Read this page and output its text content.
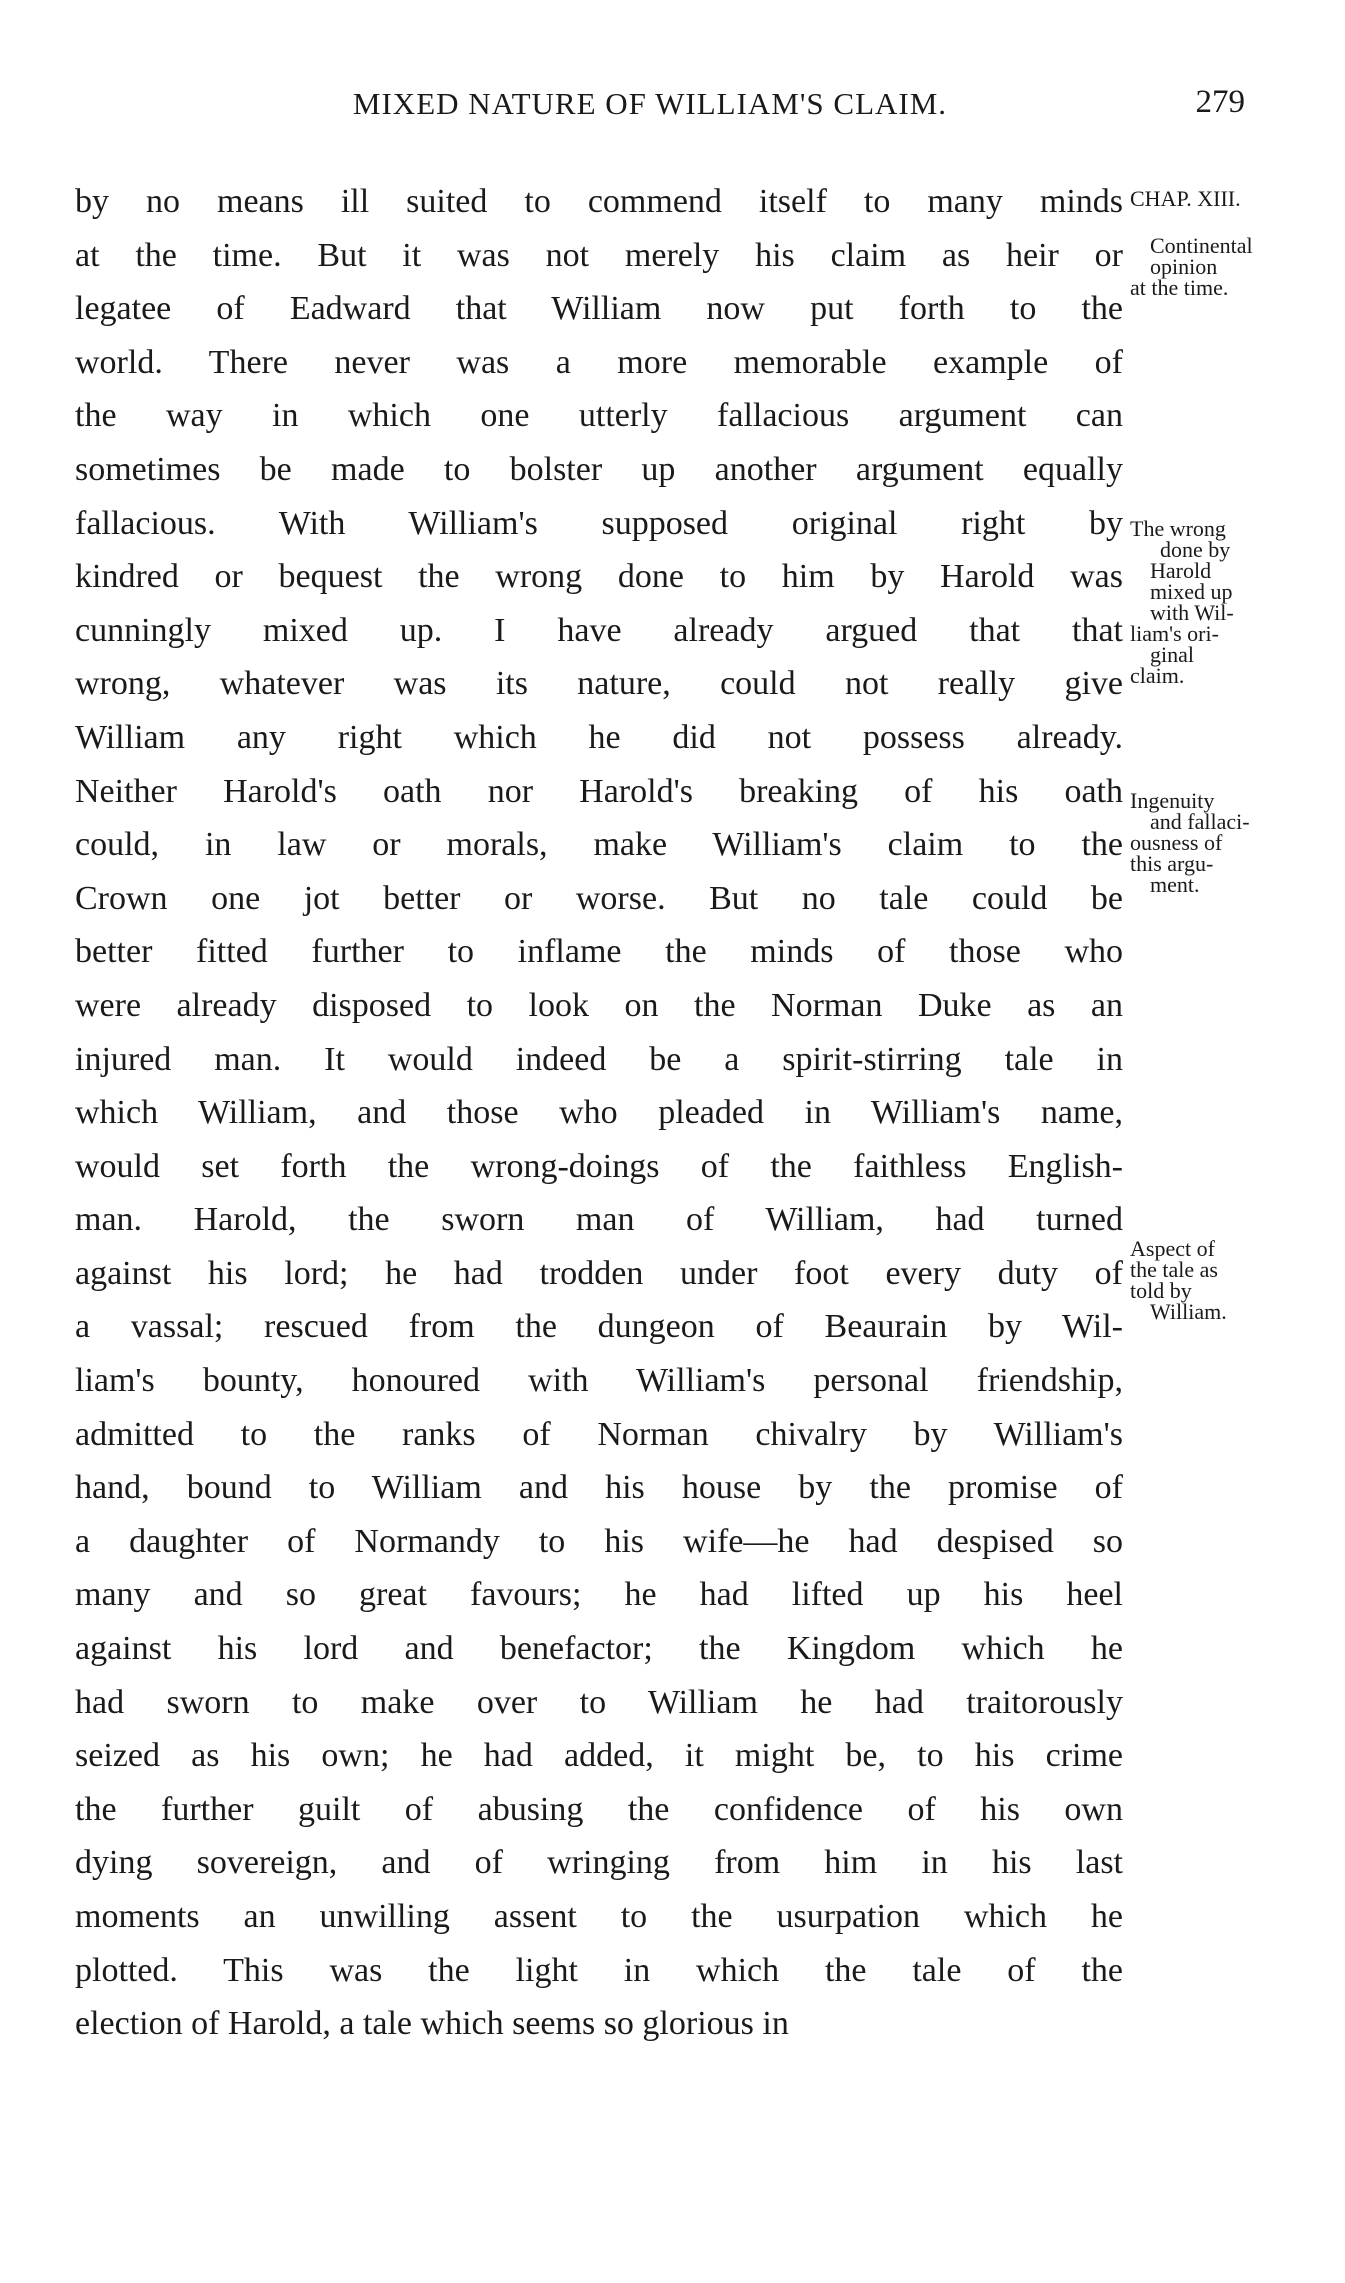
MIXED NATURE OF WILLIAM'S CLAIM.	279
by no means ill suited to commend itself to many minds
at the time. But it was not merely his claim as heir or
legatee of Eadward that William now put forth to the
world. There never was a more memorable example of
the way in which one utterly fallacious argument can
sometimes be made to bolster up another argument equally
fallacious. With William's supposed original right by
kindred or bequest the wrong done to him by Harold was
cunningly mixed up. I have already argued that that
wrong, whatever was its nature, could not really give
William any right which he did not possess already.
Neither Harold's oath nor Harold's breaking of his oath
could, in law or morals, make William's claim to the
Crown one jot better or worse. But no tale could be
better fitted further to inflame the minds of those who
were already disposed to look on the Norman Duke as an
injured man. It would indeed be a spirit-stirring tale in
which William, and those who pleaded in William's name,
would set forth the wrong-doings of the faithless English-
man. Harold, the sworn man of William, had turned
against his lord; he had trodden under foot every duty of
a vassal; rescued from the dungeon of Beaurain by Wil-
liam's bounty, honoured with William's personal friendship,
admitted to the ranks of Norman chivalry by William's
hand, bound to William and his house by the promise of
a daughter of Normandy to his wife—he had despised so
many and so great favours; he had lifted up his heel
against his lord and benefactor; the Kingdom which he
had sworn to make over to William he had traitorously
seized as his own; he had added, it might be, to his crime
the further guilt of abusing the confidence of his own
dying sovereign, and of wringing from him in his last
moments an unwilling assent to the usurpation which he
plotted. This was the light in which the tale of the
election of Harold, a tale which seems so glorious in
CHAP. XIII.
Continental
opinion
at the time.
The wrong
done by
Harold
mixed up
with Wil-
liam's ori-
ginal
claim.
Ingenuity
and fallaci-
ousness of
this argu-
ment.
Aspect of
the tale as
told by
William.
